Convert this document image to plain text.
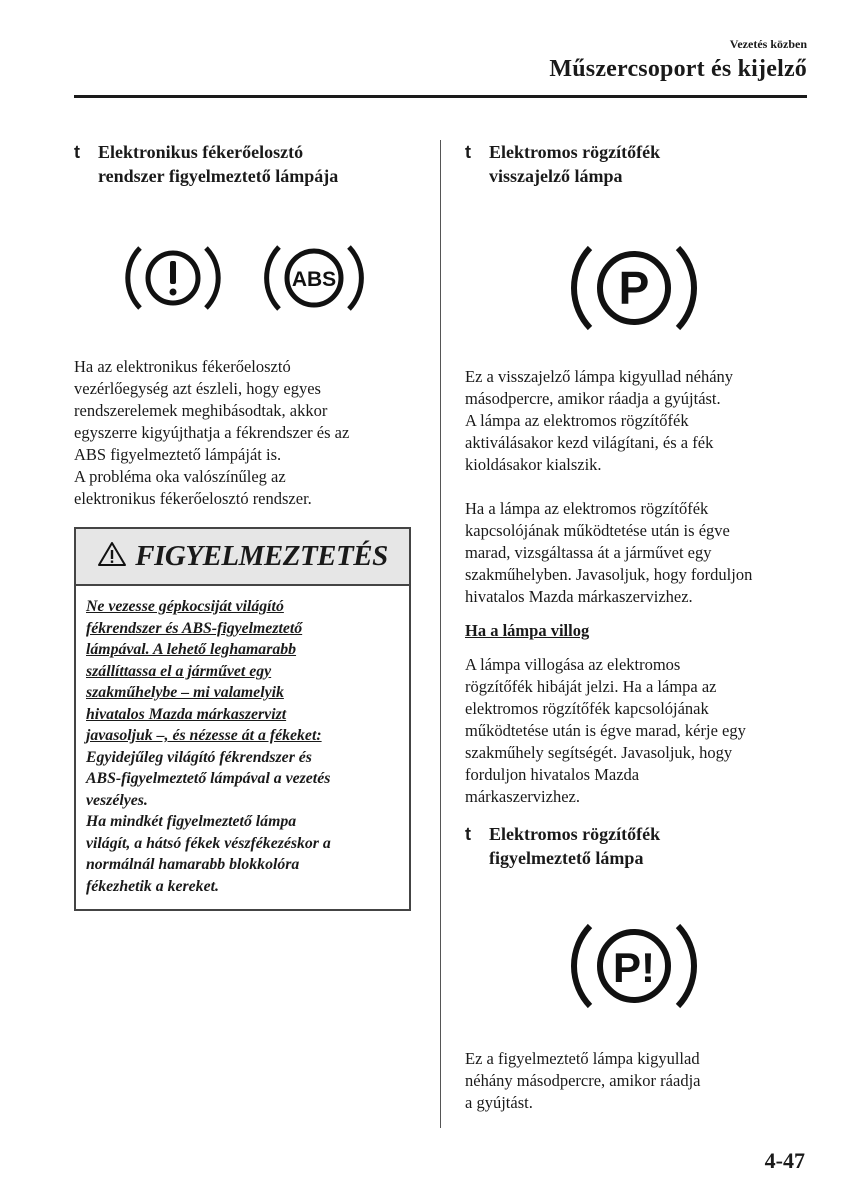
Vezetés közben
Műszercsoport és kijelző
t Elektronikus fékerőelosztó
rendszer figyelmeztető lámpája
ABS
Ha az elektronikus fékerőelosztó
vezérlőegység azt észleli, hogy egyes
rendszerelemek meghibásodtak, akkor
egyszerre kigyújthatja a fékrendszer és az
ABS figyelmeztető lámpáját is.
A probléma oka valószínűleg az
elektronikus fékerőelosztó rendszer.
FIGYELMEZTETÉS
Ne vezesse gépkocsiját világító
fékrendszer és ABS-figyelmeztető
lámpával. A lehető leghamarabb
szállíttassa el a járművet egy
szakműhelybe – mi valamelyik
hivatalos Mazda márkaszervizt
javasoljuk –, és nézesse át a fékeket:
Egyidejűleg világító fékrendszer és
ABS-figyelmeztető lámpával a vezetés
veszélyes.
Ha mindkét figyelmeztető lámpa
világít, a hátsó fékek vészfékezéskor a
normálnál hamarabb blokkolóra
fékezhetik a kereket.
t Elektromos rögzítőfék
visszajelző lámpa
P
Ez a visszajelző lámpa kigyullad néhány
másodpercre, amikor ráadja a gyújtást.
A lámpa az elektromos rögzítőfék
aktiválásakor kezd világítani, és a fék
kioldásakor kialszik.
Ha a lámpa az elektromos rögzítőfék
kapcsolójának működtetése után is égve
marad, vizsgáltassa át a járművet egy
szakműhelyben. Javasoljuk, hogy forduljon
hivatalos Mazda márkaszervizhez.
Ha a lámpa villog
A lámpa villogása az elektromos
rögzítőfék hibáját jelzi. Ha a lámpa az
elektromos rögzítőfék kapcsolójának
működtetése után is égve marad, kérje egy
szakműhely segítségét. Javasoljuk, hogy
forduljon hivatalos Mazda
márkaszervizhez.
t Elektromos rögzítőfék
figyelmeztető lámpa
P!
Ez a figyelmeztető lámpa kigyullad
néhány másodpercre, amikor ráadja
a gyújtást.
4-47
